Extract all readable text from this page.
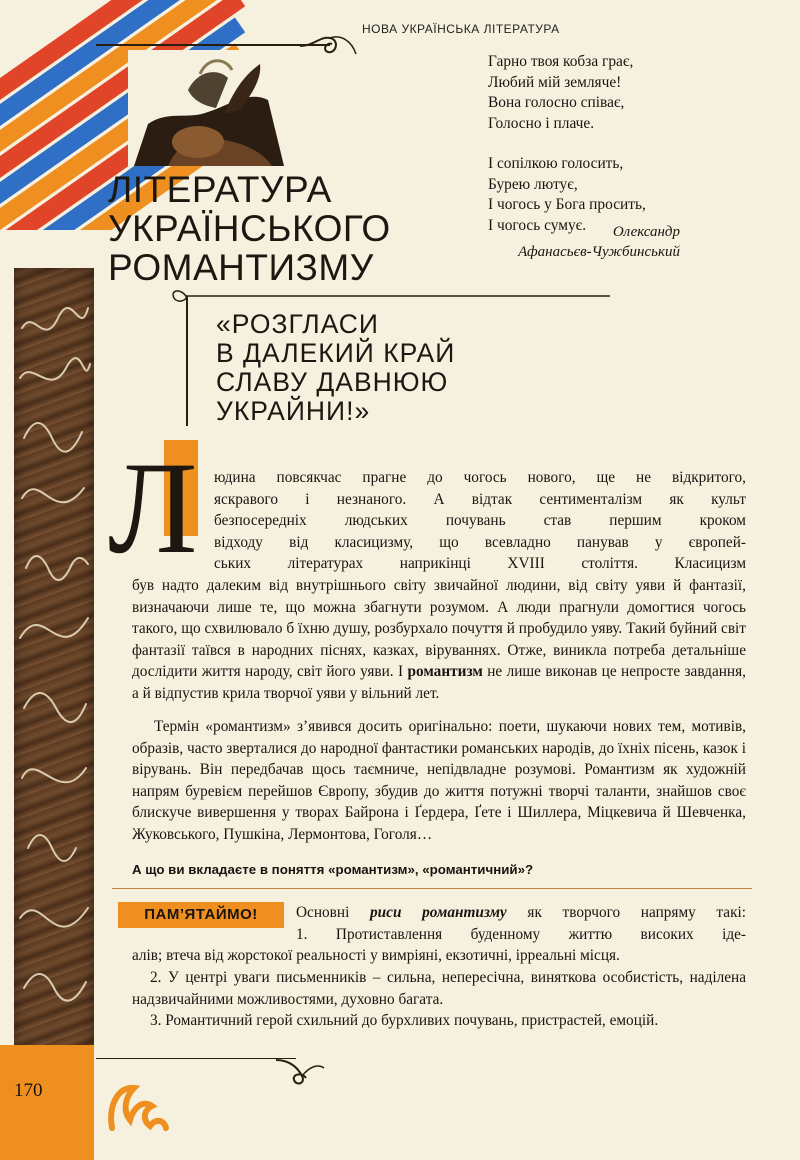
170
НОВА УКРАЇНСЬКА ЛІТЕРАТУРА
Гарно твоя кобза грає,
Любий мій земляче!
Вона голосно співає,
Голосно і плаче.
І сопілкою голосить,
Бурею лютує,
І чогось у Бога просить,
І чогось сумує.	Олександр
Афанасьєв-Чужбинський
ЛІТЕРАТУРА
УКРАЇНСЬКОГО
РОМАНТИЗМУ
«РОЗГЛАСИ
В ДАЛЕКИЙ КРАЙ
СЛАВУ ДАВНЮЮ
УКРАЙНИ!»
Л юдина повсякчас прагне до чогось нового, ще не відкритого,
яскравого і незнаного. А відтак сентименталізм як культ
безпосередніх людських почувань став першим кроком
відходу від класицизму, що всевладно панував у європей-
ських літературах наприкінці XVIII століття. Класицизм
був надто далеким від внутрішнього світу звичайної людини, від світу уяви й фантазії, визначаючи лише те, що можна збагнути розумом. А люди прагнули домогтися чогось такого, що схвилювало б їхню душу, розбурхало почуття й пробудило уяву. Такий буйний світ фантазії таївся в народних піснях, казках, віруваннях. Отже, виникла потреба детальніше дослідити життя народу, світ його уяви. І романтизм не лише виконав це непросте завдання, а й відпустив крила творчої уяви у вільний лет.
Термін «романтизм» з’явився досить оригінально: поети, шукаючи нових тем, мотивів, образів, часто зверталися до народної фантастики романських народів, до їхніх пісень, казок і вірувань. Він передбачав щось таємниче, непідвладне розумові. Романтизм як художній напрям буревієм перейшов Європу, збудив до життя потужні творчі таланти, знайшов своє блискуче вивершення у творах Байрона і Ґердера, Ґете і Шиллера, Міцкевича й Шевченка, Жуковського, Пушкіна, Лермонтова, Гоголя…
А що ви вкладаєте в поняття «романтизм», «романтичний»?
ПАМ’ЯТАЙМО!	Основні риси романтизму як творчого напряму такі:
1. Протиставлення буденному життю високих іде-
алів; втеча від жорстокої реальності у вимріяні, екзотичні, ірреальні місця.
2. У центрі уваги письменників – сильна, непересічна, виняткова особистість, наділена надзвичайними можливостями, духовно багата.
3. Романтичний герой схильний до бурхливих почувань, пристрастей, емоцій.
